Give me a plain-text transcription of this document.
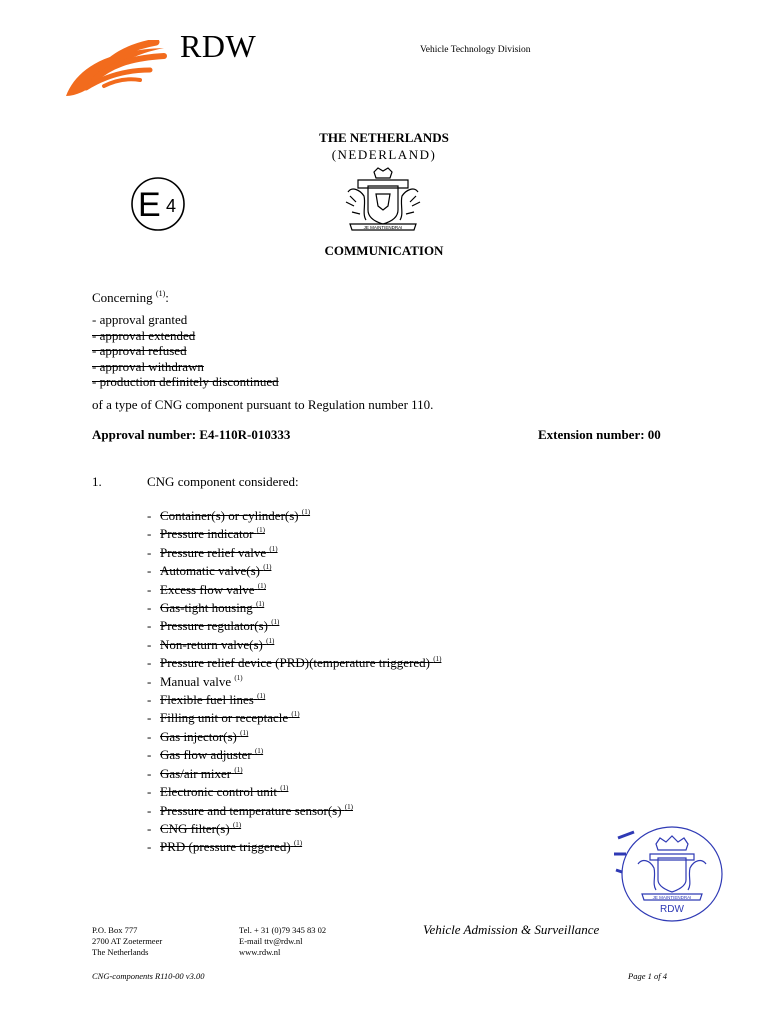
RDW	Vehicle Technology Division
THE NETHERLANDS
(NEDERLAND)
E 4
JE MAINTIENDRAI
COMMUNICATION
Concerning $^{(1)}$:
- approval granted
- approval extended
- approval refused
- approval withdrawn
- production definitely discontinued
of a type of CNG component pursuant to Regulation number 110.
Approval number: E4-110R-010333	Extension number: 00
1.	CNG component considered:
- Container(s) or cylinder(s) $^{(1)}$
- Pressure indicator $^{(1)}$
- Pressure relief valve $^{(1)}$
- Automatic valve(s) $^{(1)}$
- Excess flow valve $^{(1)}$
- Gas-tight housing $^{(1)}$
- Pressure regulator(s) $^{(1)}$
- Non-return valve(s) $^{(1)}$
- Pressure relief device (PRD)(temperature triggered) $^{(1)}$
- Manual valve $^{(1)}$
- Flexible fuel lines $^{(1)}$
- Filling unit or receptacle $^{(1)}$
- Gas injector(s) $^{(1)}$
- Gas flow adjuster $^{(1)}$
- Gas/air mixer $^{(1)}$
- Electronic control unit $^{(1)}$
- Pressure and temperature sensor(s) $^{(1)}$
- CNG filter(s) $^{(1)}$
- PRD (pressure triggered) $^{(1)}$
JE MAINTIENDRAI
RDW
P.O. Box 777
2700 AT Zoetermeer
The Netherlands
Tel. + 31 (0)79 345 83 02
E-mail ttv@rdw.nl
www.rdw.nl
Vehicle Admission & Surveillance
CNG-components R110-00 v3.00	Page 1 of 4
